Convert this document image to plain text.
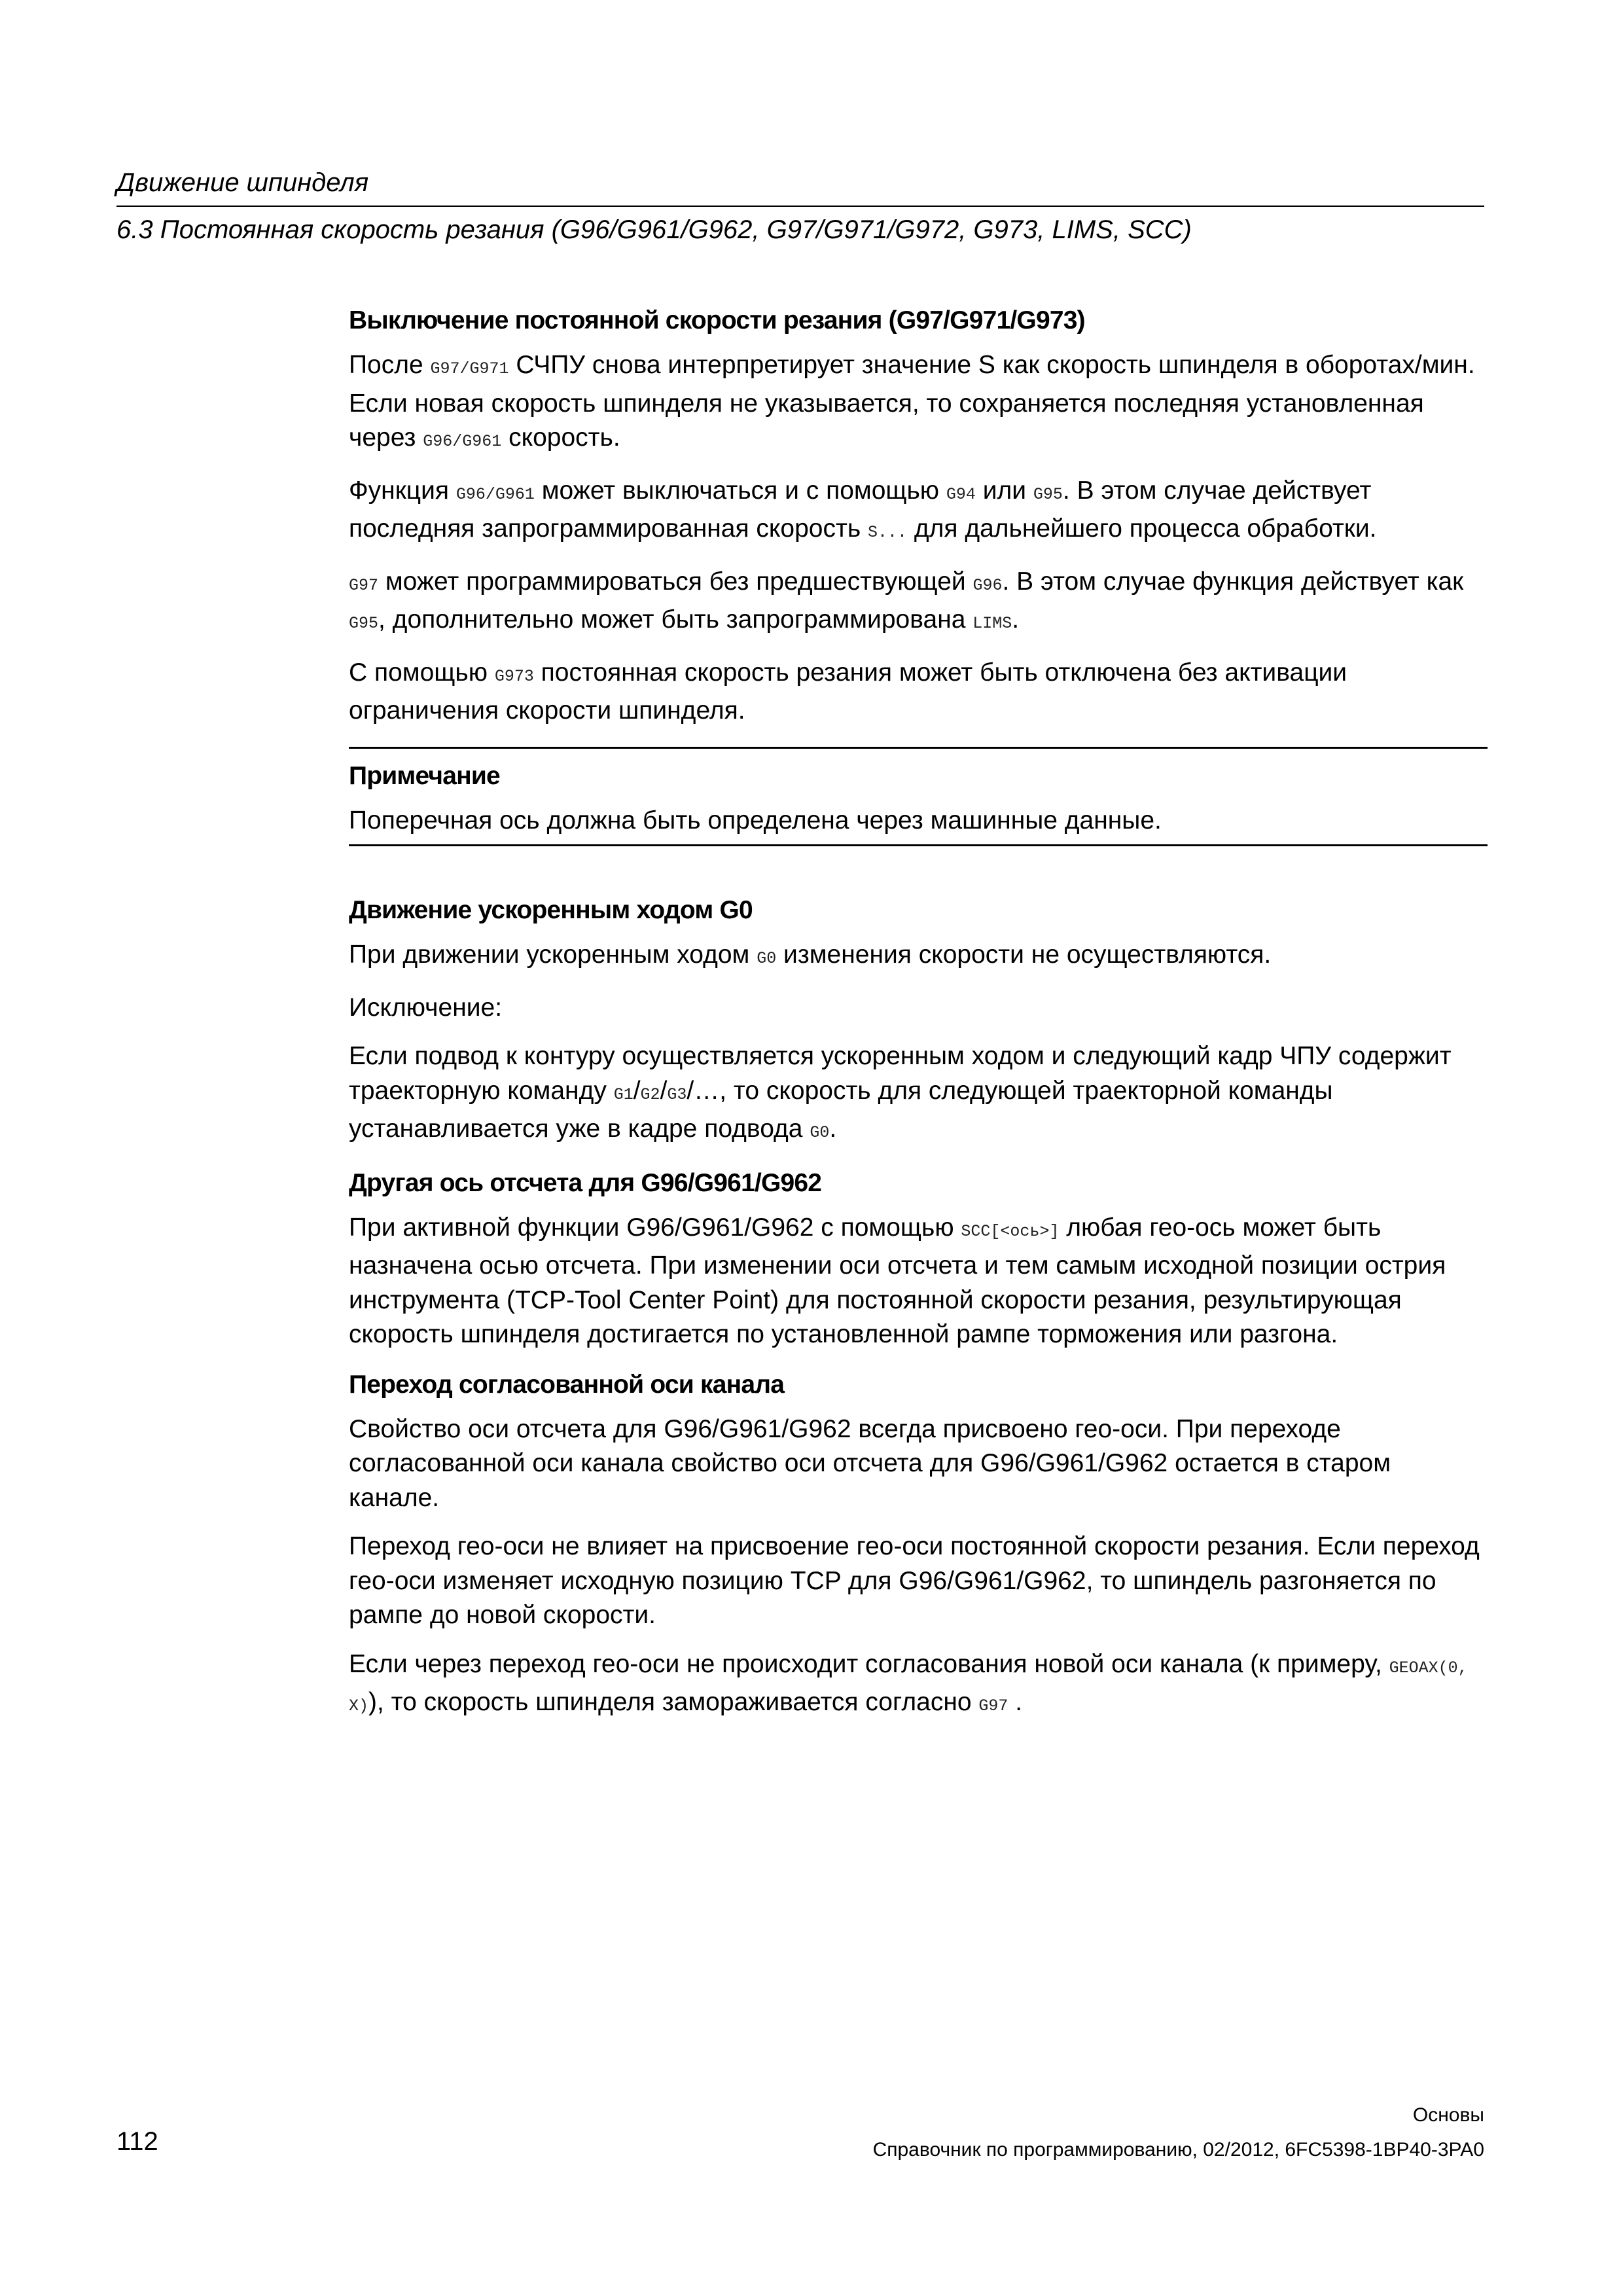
Движение шпинделя
6.3 Постоянная скорость резания (G96/G961/G962, G97/G971/G972, G973, LIMS, SCC)
Выключение постоянной скорости резания (G97/G971/G973)

После G97/G971 СЧПУ снова интерпретирует значение S как скорость шпинделя в оборотах/мин. Если новая скорость шпинделя не указывается, то сохраняется последняя установленная через G96/G961 скорость.

Функция G96/G961 может выключаться и с помощью G94 или G95. В этом случае действует последняя запрограммированная скорость S... для дальнейшего процесса обработки.

G97 может программироваться без предшествующей G96. В этом случае функция действует как G95, дополнительно может быть запрограммирована LIMS.

С помощью G973 постоянная скорость резания может быть отключена без активации ограничения скорости шпинделя.

Примечание

Поперечная ось должна быть определена через машинные данные.

Движение ускоренным ходом G0

При движении ускоренным ходом G0 изменения скорости не осуществляются.

Исключение:

Если подвод к контуру осуществляется ускоренным ходом и следующий кадр ЧПУ содержит траекторную команду G1/G2/G3/…, то скорость для следующей траекторной команды устанавливается уже в кадре подвода G0.

Другая ось отсчета для G96/G961/G962

При активной функции G96/G961/G962 с помощью SCC[<ось>] любая гео-ось может быть назначена осью отсчета. При изменении оси отсчета и тем самым исходной позиции острия инструмента (TCP-Tool Center Point) для постоянной скорости резания, результирующая скорость шпинделя достигается по установленной рампе торможения или разгона.

Переход согласованной оси канала

Свойство оси отсчета для G96/G961/G962 всегда присвоено гео-оси. При переходе согласованной оси канала свойство оси отсчета для G96/G961/G962 остается в старом канале.

Переход гео-оси не влияет на присвоение гео-оси постоянной скорости резания. Если переход гео-оси изменяет исходную позицию TCP для G96/G961/G962, то шпиндель разгоняется по рампе до новой скорости.

Если через переход гео-оси не происходит согласования новой оси канала (к примеру, GEOAX(0, X)), то скорость шпинделя замораживается согласно G97 .

112
Основы
Справочник по программированию, 02/2012, 6FC5398-1BP40-3PA0
